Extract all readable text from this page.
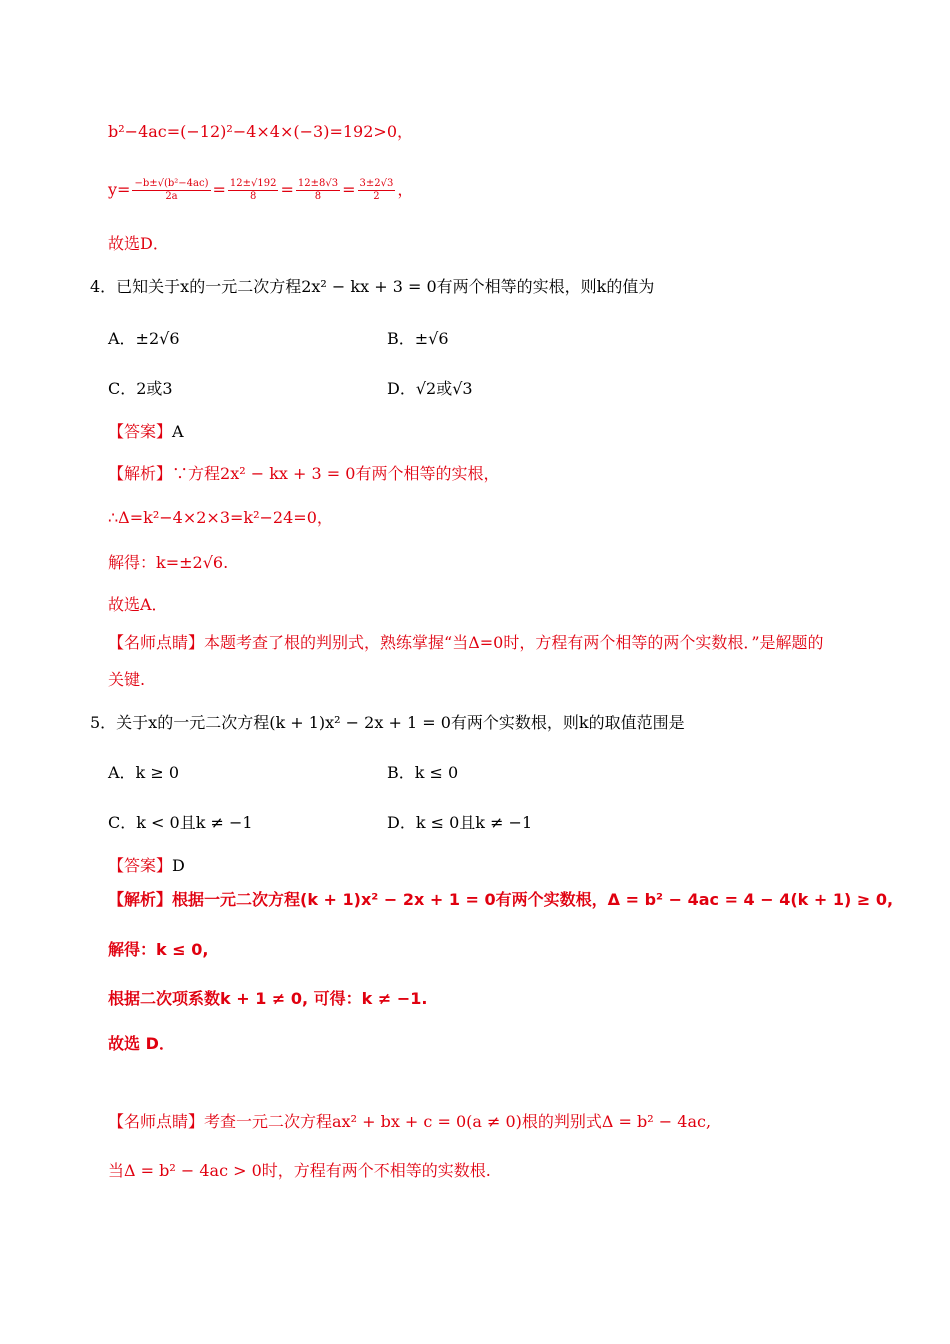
b²−4ac=(−12)²−4×4×(−3)=192>0，
$y= \frac{\text{−b±√(b²−4ac)}}{2a} = \frac{12\pm√192}{8} = \frac{12\pm 8√3}{8} = \frac{3\pm 2√3}{2}$ ，
故选D．
4．已知关于x的一元二次方程2x² − kx + 3 = 0有两个相等的实根，则k的值为
A．±2√6	B．±√6
C．2或3	D．√2或√3
【答案】A
【解析】∵方程2x² − kx + 3 = 0有两个相等的实根，
∴Δ=k²−4×2×3=k²−24=0，
解得：k=±2√6.
故选A．
【名师点睛】本题考查了根的判别式，熟练掌握“当Δ=0时，方程有两个相等的两个实数根．”是解题的
关键.
5．关于x的一元二次方程(k + 1)x² − 2x + 1 = 0有两个实数根，则k的取值范围是
A．k ≥ 0	B．k ≤ 0
C．k < 0且k ≠ −1	D．k ≤ 0且k ≠ −1
【答案】D
【解析】根据一元二次方程(k + 1)x² − 2x + 1 = 0有两个实数根，Δ = b² − 4ac = 4 − 4(k + 1) ≥ 0,
解得：k ≤ 0,
根据二次项系数k + 1 ≠ 0, 可得：k ≠ −1.
故选 D．
【名师点睛】考查一元二次方程ax² + bx + c = 0(a ≠ 0)根的判别式Δ = b² − 4ac,
当Δ = b² − 4ac > 0时，方程有两个不相等的实数根.
